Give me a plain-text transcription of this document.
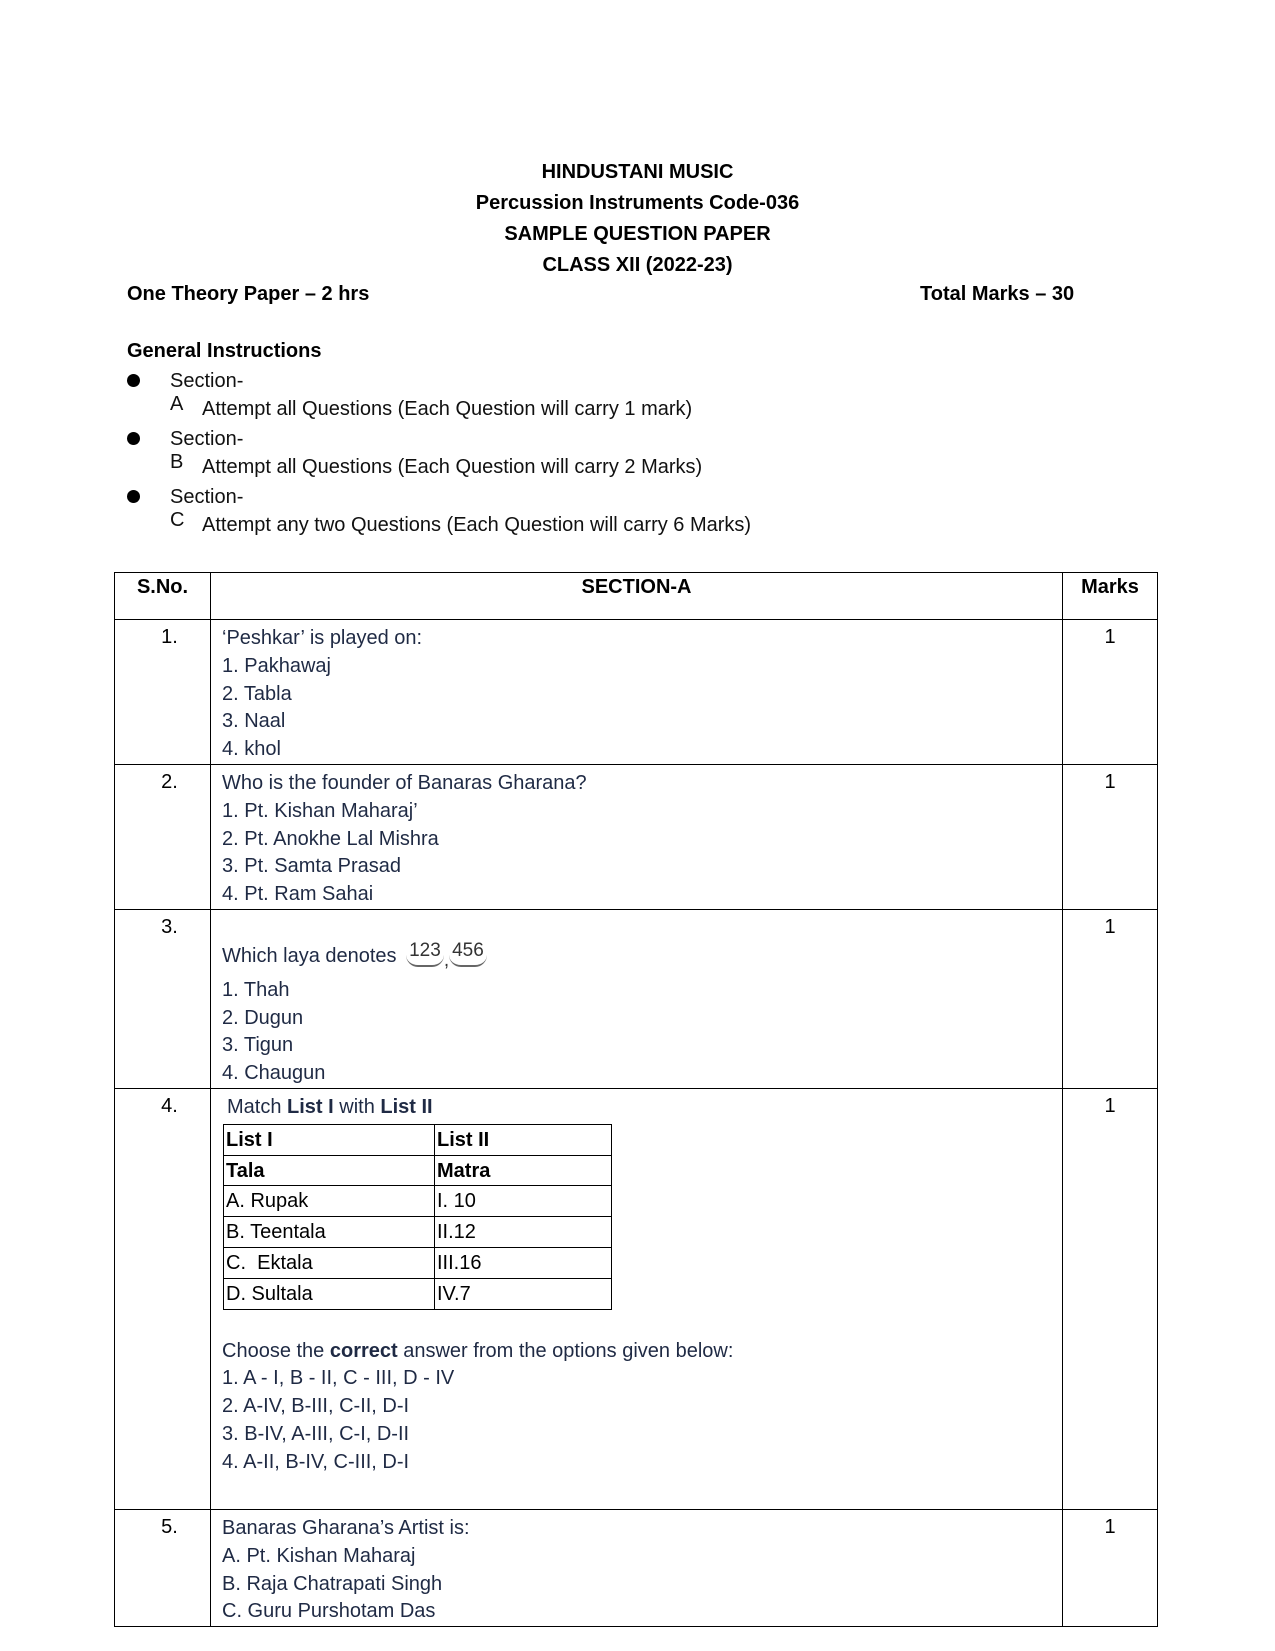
HINDUSTANI MUSIC
Percussion Instruments Code-036
SAMPLE QUESTION PAPER
CLASS XII (2022-23)
One Theory Paper – 2 hrs	Total Marks – 30
General Instructions
Section-A Attempt all Questions (Each Question will carry 1 mark)
Section-B Attempt all Questions (Each Question will carry 2 Marks)
Section-C Attempt any two Questions (Each Question will carry 6 Marks)
S.No.	SECTION-A	Marks
1.	‘Peshkar’ is played on:
1. Pakhawaj
2. Tabla
3. Naal
4. khol
	1
2.	Who is the founder of Banaras Gharana?
1. Pt. Kishan Maharaj’
2. Pt. Anokhe Lal Mishra
3. Pt. Samta Prasad
4. Pt. Ram Sahai
	1
3.	
Which laya denotes 123 , 456
1. Thah
2. Dugun
3. Tigun
4. Chaugun
	1
4.	Match List I with List II
List I	List II
Tala	Matra
A. Rupak	I. 10
B. Teentala	II.12
C.  Ektala	III.16
D. Sultala	IV.7
Choose the correct answer from the options given below:
1. A - I, B - II, C - III, D - IV
2. A-IV, B-III, C-II, D-I
3. B-IV, A-III, C-I, D-II
4. A-II, B-IV, C-III, D-I
	1
5.	Banaras Gharana’s Artist is:
A. Pt. Kishan Maharaj
B. Raja Chatrapati Singh
C. Guru Purshotam Das
	1
